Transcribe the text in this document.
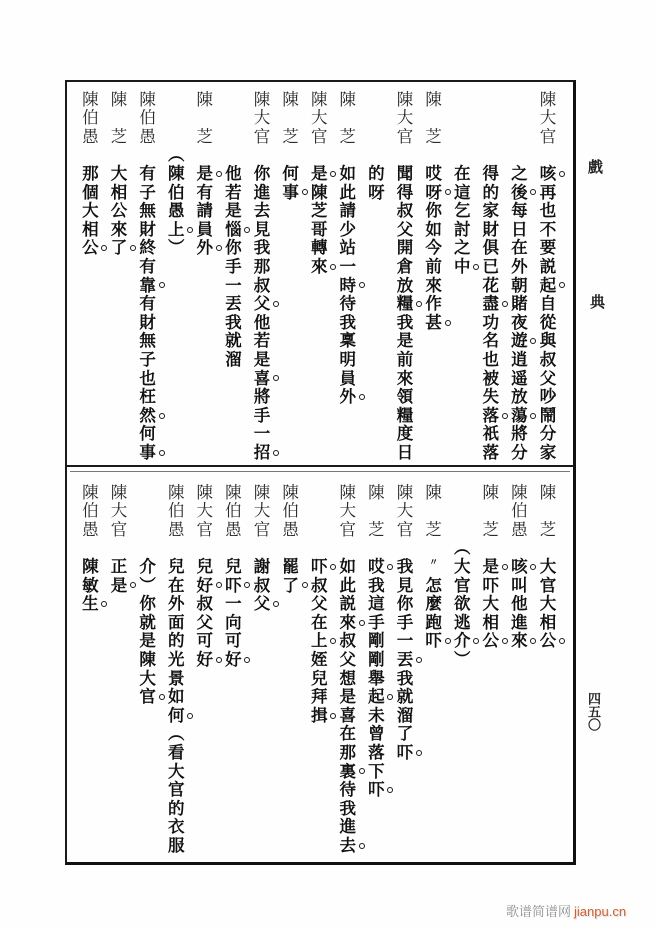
陳
大
官
咳
再
也
不
要
説
起
自
從
與
叔
父
吵
鬧
分
家
之
後
每
日
在
外
朝
賭
夜
遊
逍
遥
放
蕩
將
分
得
的
家
財
俱
已
花
盡
功
名
也
被
失
落
祇
落
在
這
乞
討
之
中
陳

芝
哎
呀
你
如
今
前
來
作
甚
陳
大
官
聞
得
叔
父
開
倉
放
糧
我
是
前
來
領
糧
度
日
的
呀
陳

芝
如
此
請
少
站
一
時
待
我
稟
明
員
外
陳
大
官
是
陳
芝
哥
轉
來
陳

芝
何
事
陳
大
官
你
進
去
見
我
那
叔
父
他
若
是
喜
將
手
一
招
他
若
是
惱
你
手
一
丟
我
就
溜
陳

芝
是
有
請
員
外
︵
陳
伯
愚
上
︶
陳
伯
愚
有
子
無
財
終
有
靠
有
財
無
子
也
枉
然
何
事
陳

芝
大
相
公
來
了
陳
伯
愚
那
個
大
相
公
陳

芝
大
官
大
相
公
陳
伯
愚
咳
叫
他
進
來
陳

芝
是
吓
大
相
公
︵
大
官
欲
逃
介
︶
陳

芝
〃
怎
麼
跑
吓
陳
大
官
我
見
你
手
一
丟
我
就
溜
了
吓
陳

芝
哎
我
這
手
剛
剛
舉
起
未
曾
落
下
吓
陳
大
官
如
此
説
來
叔
父
想
是
喜
在
那
裏
待
我
進
去
吓
叔
父
在
上
姪
兒
拜
揖
陳
伯
愚
罷
了
陳
大
官
謝
叔
父
陳
伯
愚
兒
吓
一
向
可
好
陳
大
官
兒
好
叔
父
可
好
陳
伯
愚
兒
在
外
面
的
光
景
如
何
︵
看
大
官
的
衣
服
介
︶
你
就
是
陳
大
官
陳
大
官
正
是
陳
伯
愚
陳
敏
生
戲
典
四五〇
歌谱简谱网 jianpu.cn
